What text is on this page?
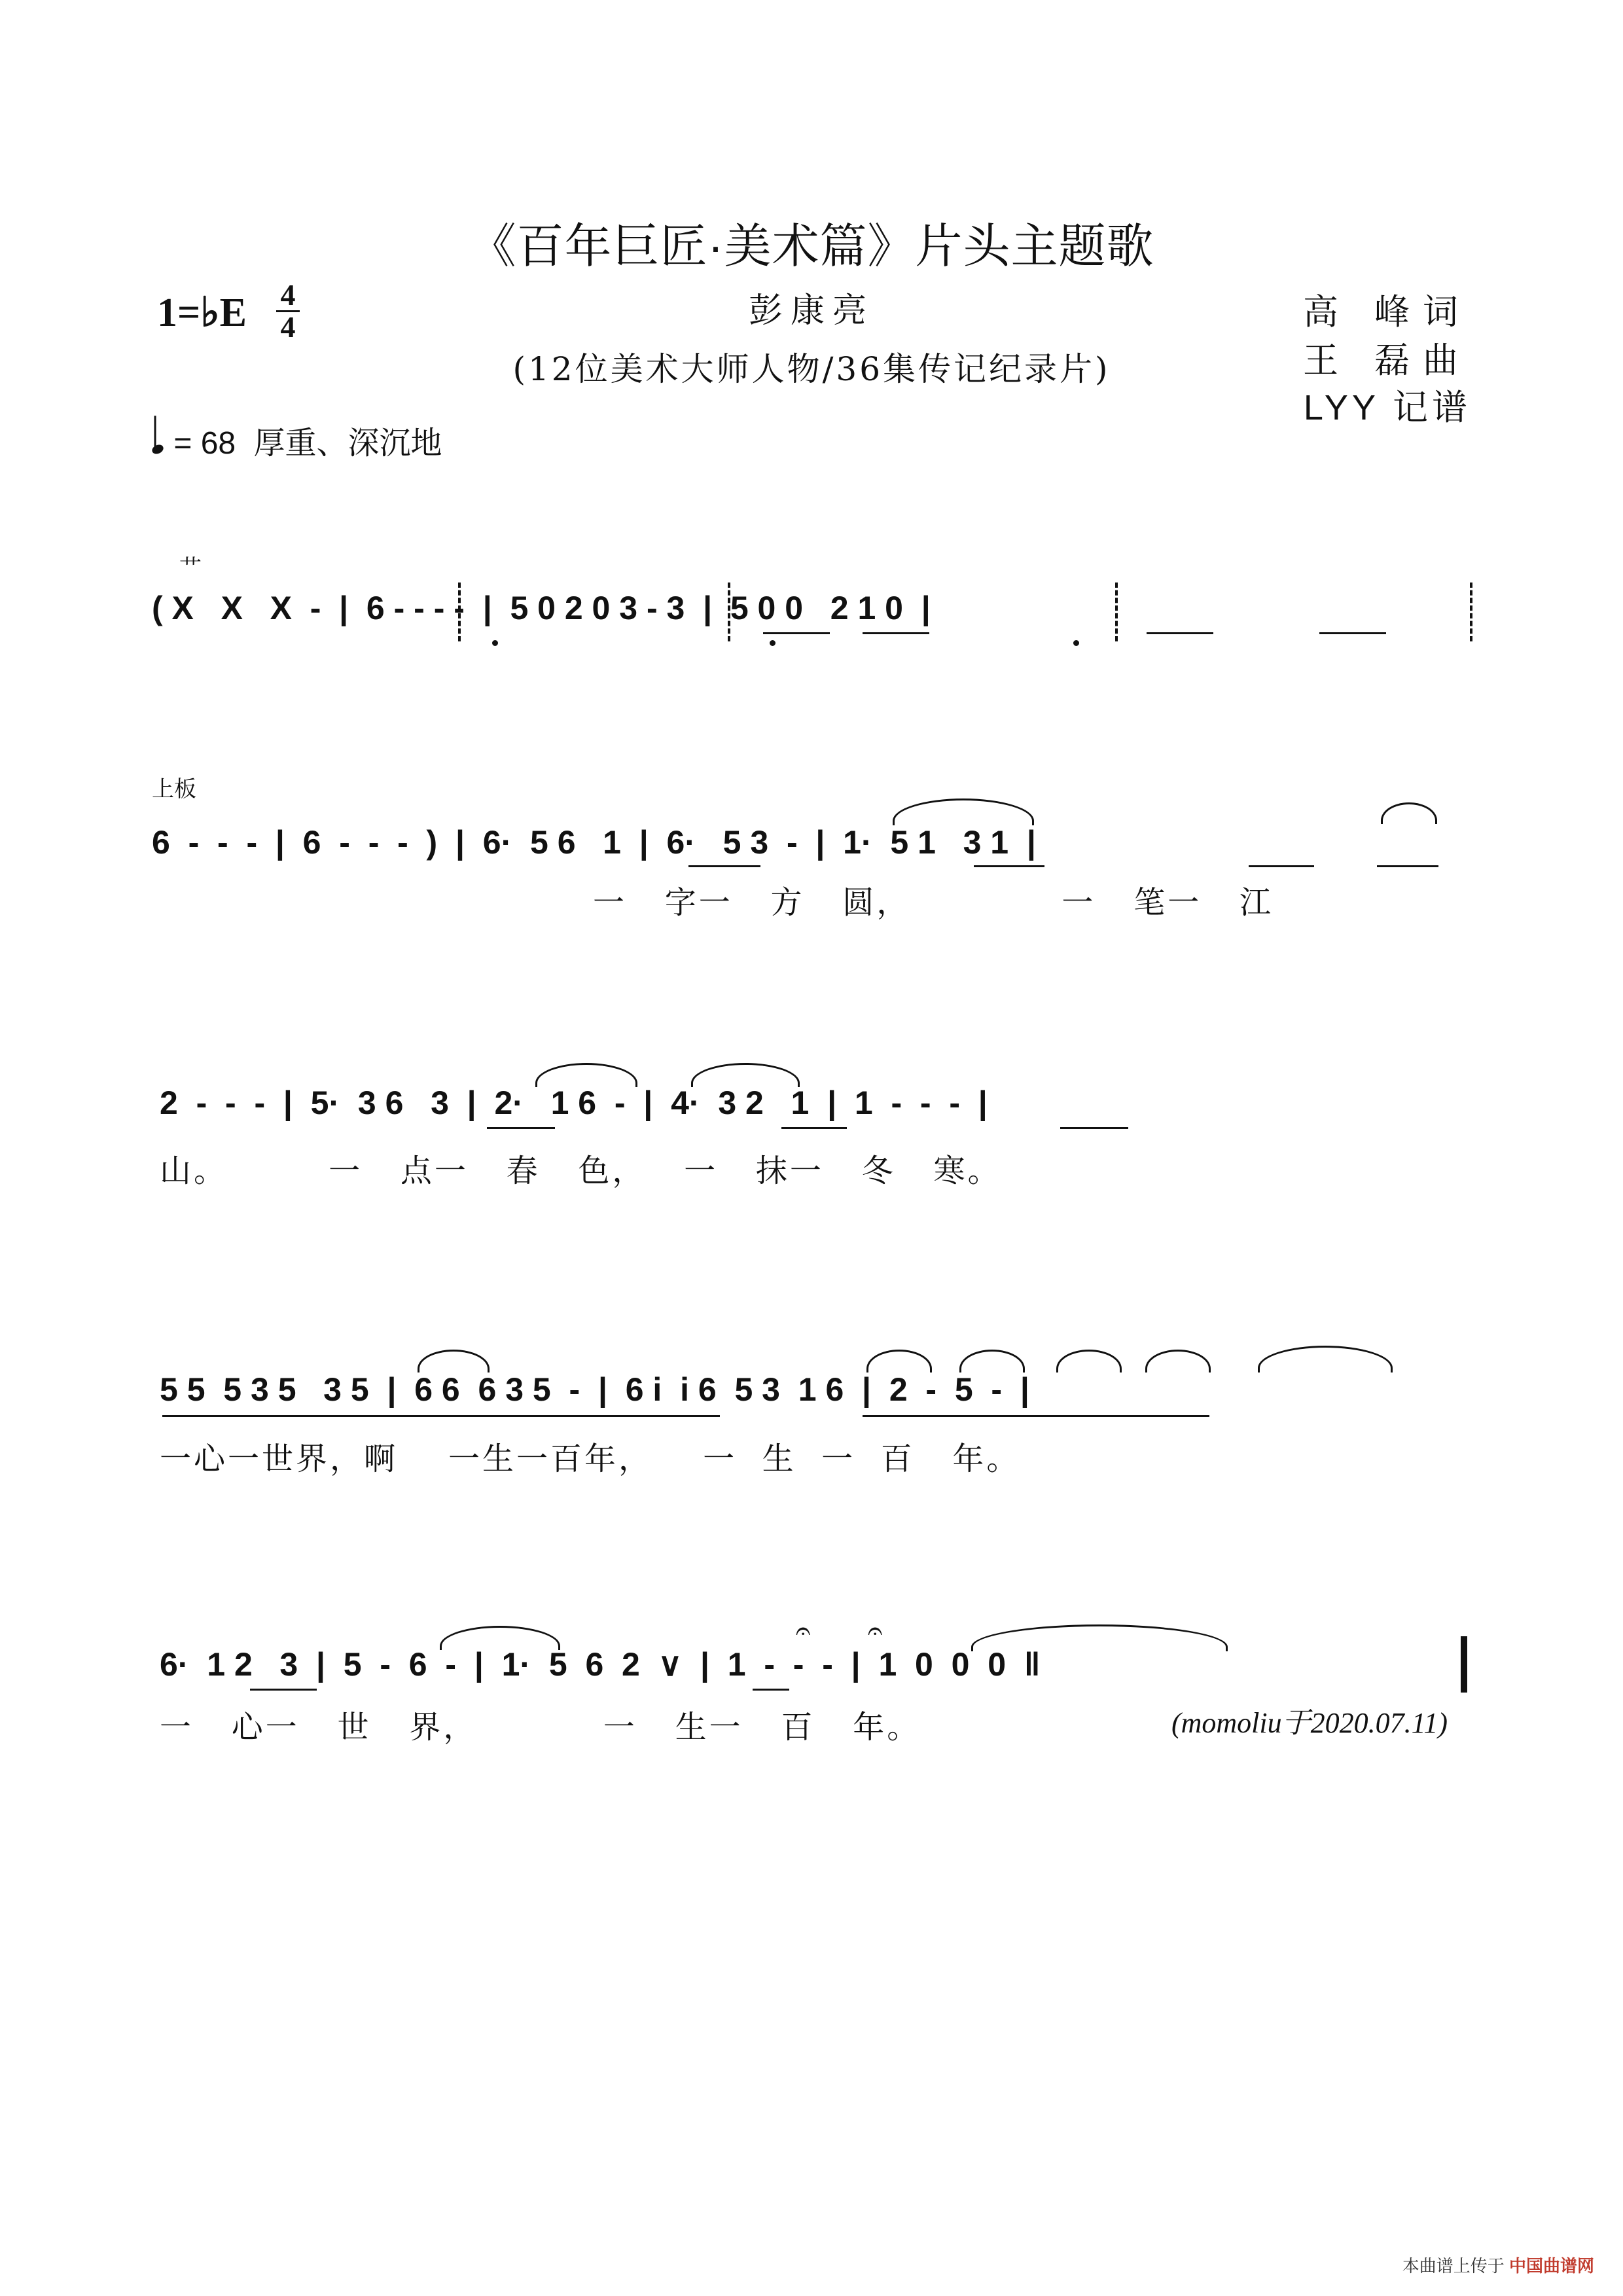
《百年巨匠·美术篇》片头主题歌
彭康亮
(12位美术大师人物/36集传记纪录片)
高 峰词
王 磊曲
LYY 记谱
1=♭E 4
4
= 68 厚重、深沉地
艹
( X   X   X  -  |  6 - - - -  |  5 0 2 0 3 - 3  |  5 0 0   2 1 0  |
上板
6  -  -  -  |  6  -  -  -  )  |  6·  5 6   1  |  6·   5 3  -  |  1·  5 1   3 1  |
一   字一   方   圆，            一   笔一   江
2  -  -  -  |  5·  3 6   3  |  2·   1 6  -  |  4·  3 2   1  |  1  -  -  -  |
山。        一   点一   春   色，   一   抹一   冬   寒。
5 5  5 3 5   3 5  |  6 6  6 3 5  -  |  6 i  i 6  5 3  1 6  |  2  -  5  -  |
一心一世界，啊    一生一百年，    一  生  一  百   年。
6·  1 2   3  |  5  -  6  -  |  1·  5  6  2  ∨  |  1  -  -  -  |  1  0  0  0  ‖
一   心一   世   界，          一   生一   百   年。
𝄐 𝄐
(momoliu于2020.07.11)
本曲谱上传于 中国曲谱网
